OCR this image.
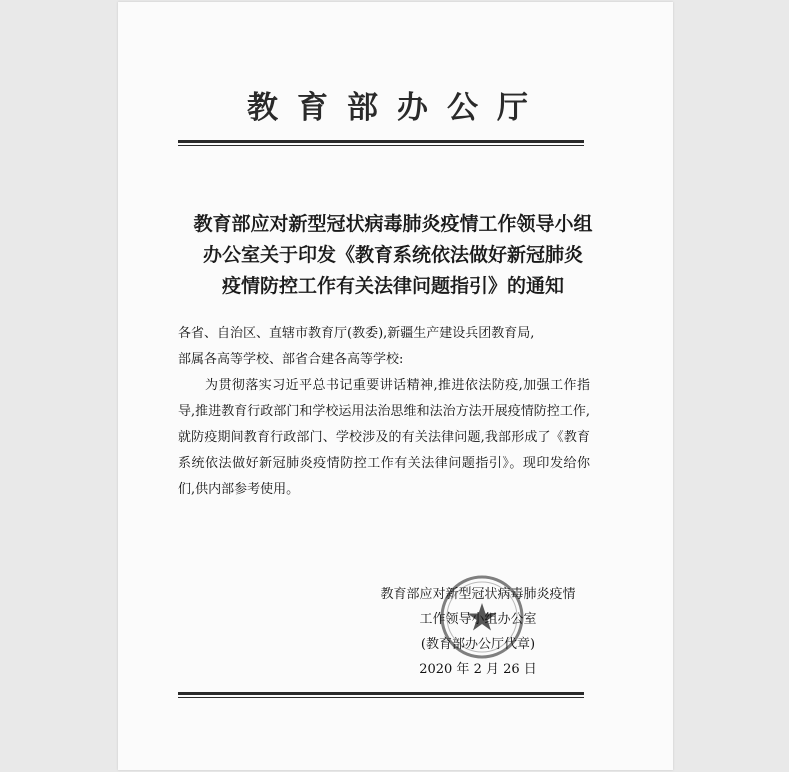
教育部办公厅
教育部应对新型冠状病毒肺炎疫情工作领导小组
办公室关于印发《教育系统依法做好新冠肺炎
疫情防控工作有关法律问题指引》的通知
各省、自治区、直辖市教育厅(教委),新疆生产建设兵团教育局,
部属各高等学校、部省合建各高等学校:
为贯彻落实习近平总书记重要讲话精神,推进依法防疫,加强工作指导,推进教育行政部门和学校运用法治思维和法治方法开展疫情防控工作,就防疫期间教育行政部门、学校涉及的有关法律问题,我部形成了《教育系统依法做好新冠肺炎疫情防控工作有关法律问题指引》。现印发给你们,供内部参考使用。
教育部应对新型冠状病毒肺炎疫情
工作领导小组办公室
(教育部办公厅代章)
2020 年 2 月 26 日
